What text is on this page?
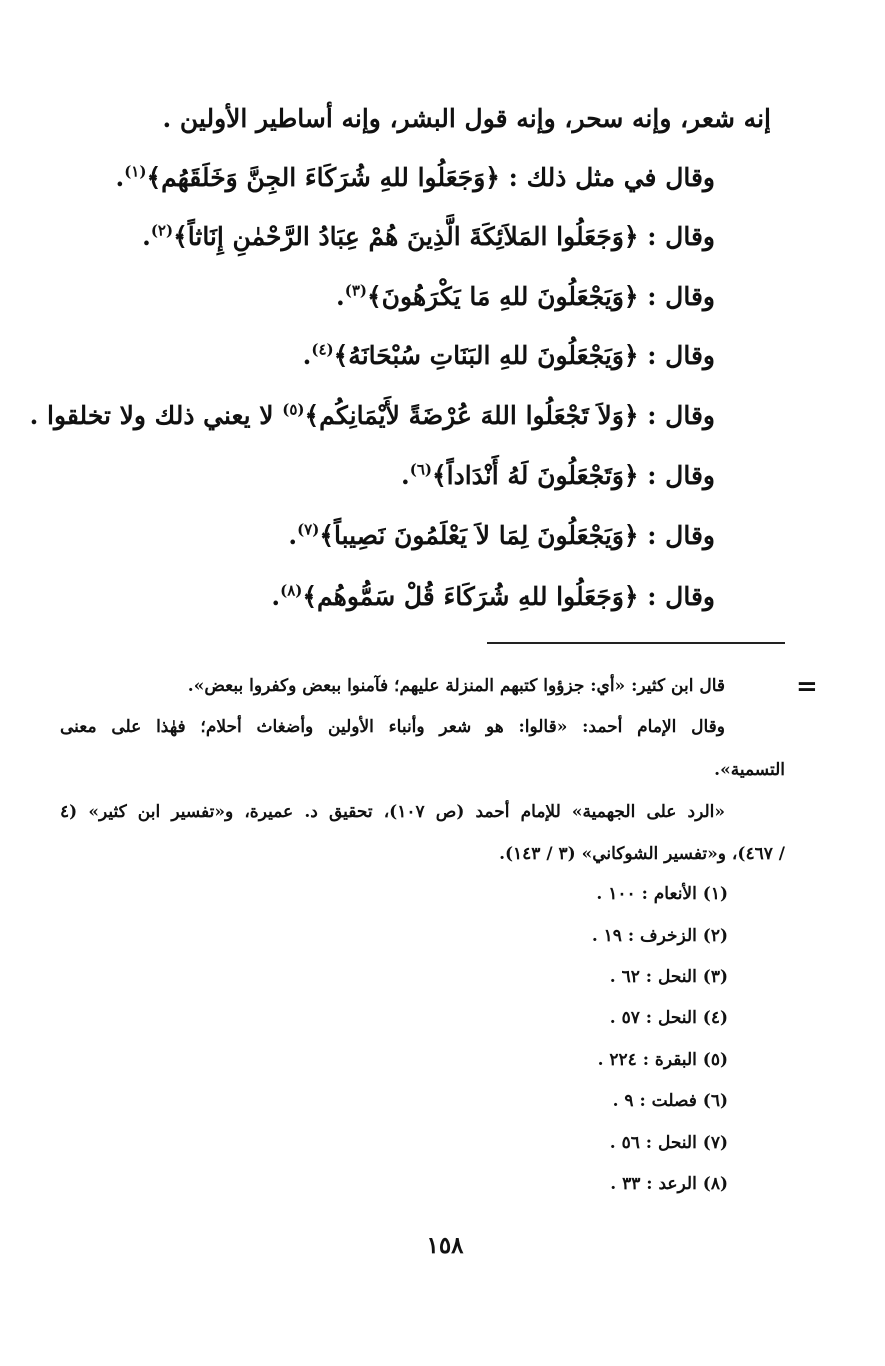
إنه شعر، وإنه سحر، وإنه قول البشر، وإنه أساطير الأولين .
وقال في مثل ذلك : ﴿وَجَعَلُوا للهِ شُرَكَاءَ الجِنَّ وَخَلَقَهُم﴾$^{(١)}$.
وقال : ﴿وَجَعَلُوا المَلاَئِكَةَ الَّذِينَ هُمْ عِبَادُ الرَّحْمٰنِ إِنَاثاً﴾$^{(٢)}$.
وقال : ﴿وَيَجْعَلُونَ للهِ مَا يَكْرَهُونَ﴾$^{(٣)}$.
وقال : ﴿وَيَجْعَلُونَ للهِ البَنَاتِ سُبْحَانَهُ﴾$^{(٤)}$.
وقال : ﴿وَلاَ تَجْعَلُوا اللهَ عُرْضَةً لأَيْمَانِكُم﴾$^{(٥)}$ لا يعني ذلك ولا تخلقوا .
وقال : ﴿وَتَجْعَلُونَ لَهُ أَنْدَاداً﴾$^{(٦)}$.
وقال : ﴿وَيَجْعَلُونَ لِمَا لاَ يَعْلَمُونَ نَصِيباً﴾$^{(٧)}$.
وقال : ﴿وَجَعَلُوا للهِ شُرَكَاءَ قُلْ سَمُّوهُم﴾$^{(٨)}$.
=
قال ابن كثير: «أي: جزؤوا كتبهم المنزلة عليهم؛ فآمنوا ببعض وكفروا ببعض».
وقال الإمام أحمد: «قالوا: هو شعر وأنباء الأولين وأضغاث أحلام؛ فهٰذا على معنى
التسمية».
«الرد على الجهمية» للإمام أحمد (ص ١٠٧)، تحقيق د. عميرة، و«تفسير ابن كثير» (٤
/ ٤٦٧)، و«تفسير الشوكاني» (٣ / ١٤٣).
(١) الأنعام : ١٠٠ .
(٢) الزخرف : ١٩ .
(٣) النحل : ٦٢ .
(٤) النحل : ٥٧ .
(٥) البقرة : ٢٢٤ .
(٦) فصلت : ٩ .
(٧) النحل : ٥٦ .
(٨) الرعد : ٣٣ .
١٥٨
